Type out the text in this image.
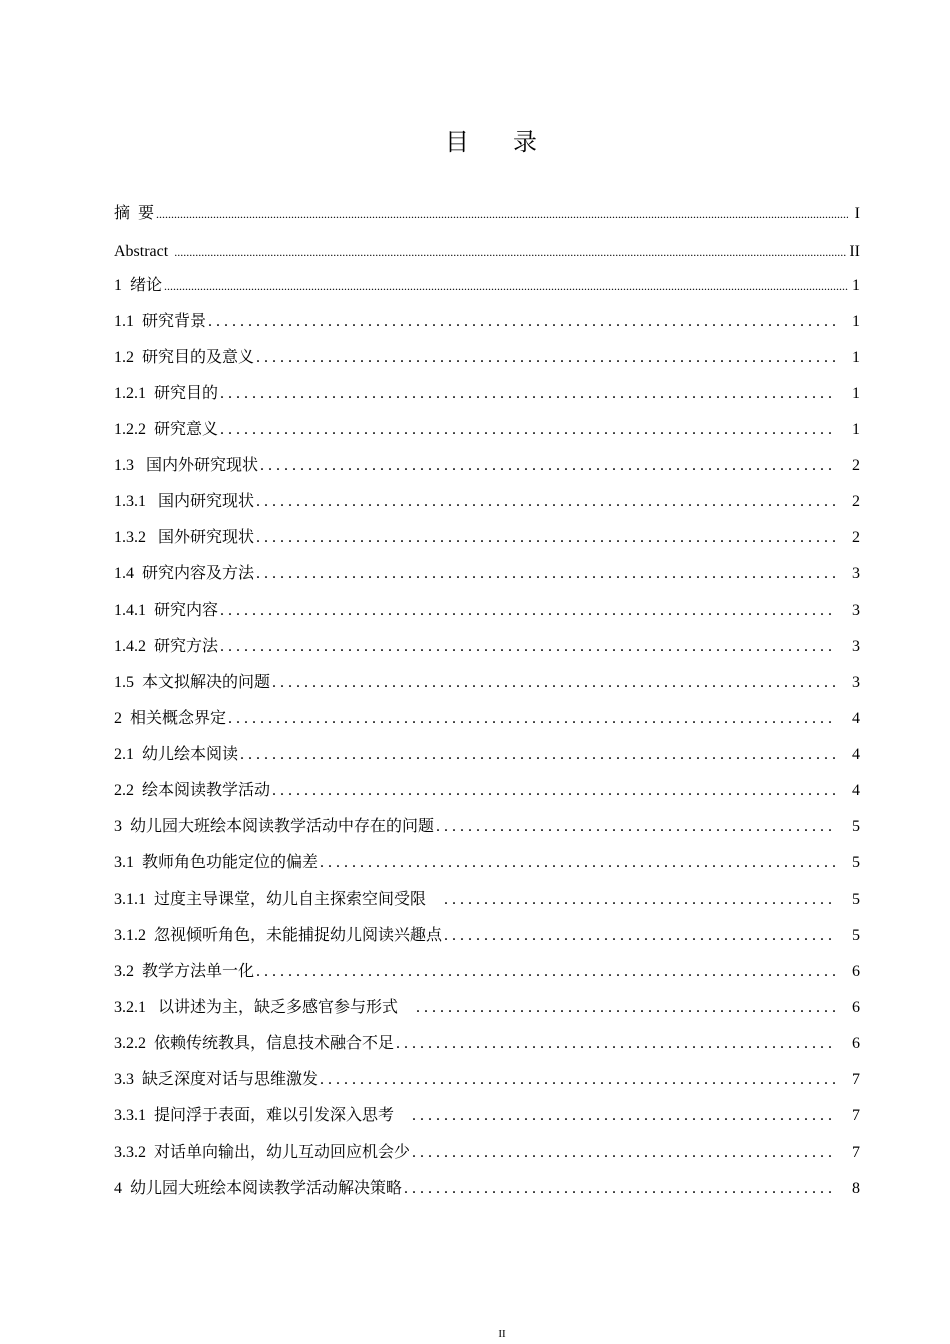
目 录
摘  要 .....	I
Abstract .....	II
1  绪论 .....	1
1.1  研究背景 . . .	1
1.2  研究目的及意义 . . .	1
1.2.1  研究目的 . . .	1
1.2.2  研究意义 . . .	1
1.3   国内外研究现状 . . .	2
1.3.1   国内研究现状 . . .	2
1.3.2   国外研究现状 . . .	2
1.4  研究内容及方法 . . .	3
1.4.1  研究内容 . . .	3
1.4.2  研究方法 . . .	3
1.5  本文拟解决的问题 . . .	3
2  相关概念界定 . . .	4
2.1  幼儿绘本阅读 . . .	4
2.2  绘本阅读教学活动 . . .	4
3  幼儿园大班绘本阅读教学活动中存在的问题 . . .	5
3.1  教师角色功能定位的偏差 . . .	5
3.1.1  过度主导课堂，幼儿自主探索空间受限 . . .	5
3.1.2  忽视倾听角色，未能捕捉幼儿阅读兴趣点 . . .	5
3.2  教学方法单一化 . . .	6
3.2.1   以讲述为主，缺乏多感官参与形式 . . .	6
3.2.2  依赖传统教具，信息技术融合不足 . . .	6
3.3  缺乏深度对话与思维激发 . . .	7
3.3.1  提问浮于表面，难以引发深入思考 . . .	7
3.3.2  对话单向输出，幼儿互动回应机会少 . . .	7
4  幼儿园大班绘本阅读教学活动解决策略 . . .	8
II
